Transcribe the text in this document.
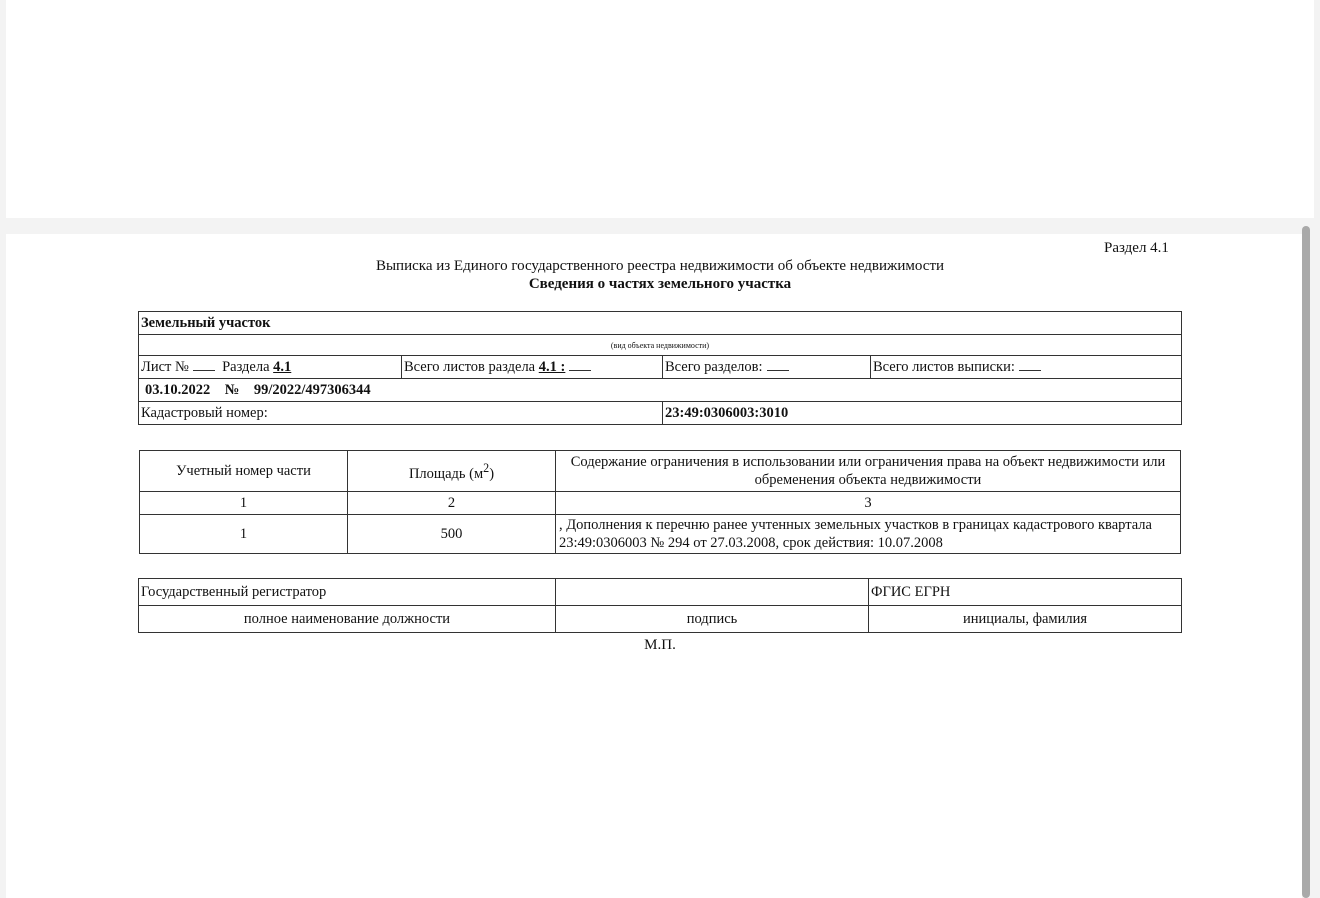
Раздел 4.1
Выписка из Единого государственного реестра недвижимости об объекте недвижимости
Сведения о частях земельного участка
Земельный участок			
(вид объекта недвижимости)			
Лист № Раздела 4.1	Всего листов раздела 4.1 :	Всего разделов:	Всего листов выписки:
03.10.2022 № 99/2022/497306344			
Кадастровый номер:		23:49:0306003:3010	
Учетный номер части	Площадь $(м^2)$	Содержание ограничения в использовании или ограничения права на объект недвижимости или обременения объекта недвижимости
1	2	3
1	500	, Дополнения к перечню ранее учтенных земельных участков в границах кадастрового квартала 23:49:0306003 № 294 от 27.03.2008, срок действия: 10.07.2008
Государственный регистратор		ФГИС ЕГРН
полное наименование должности	подпись	инициалы, фамилия
М.П.
